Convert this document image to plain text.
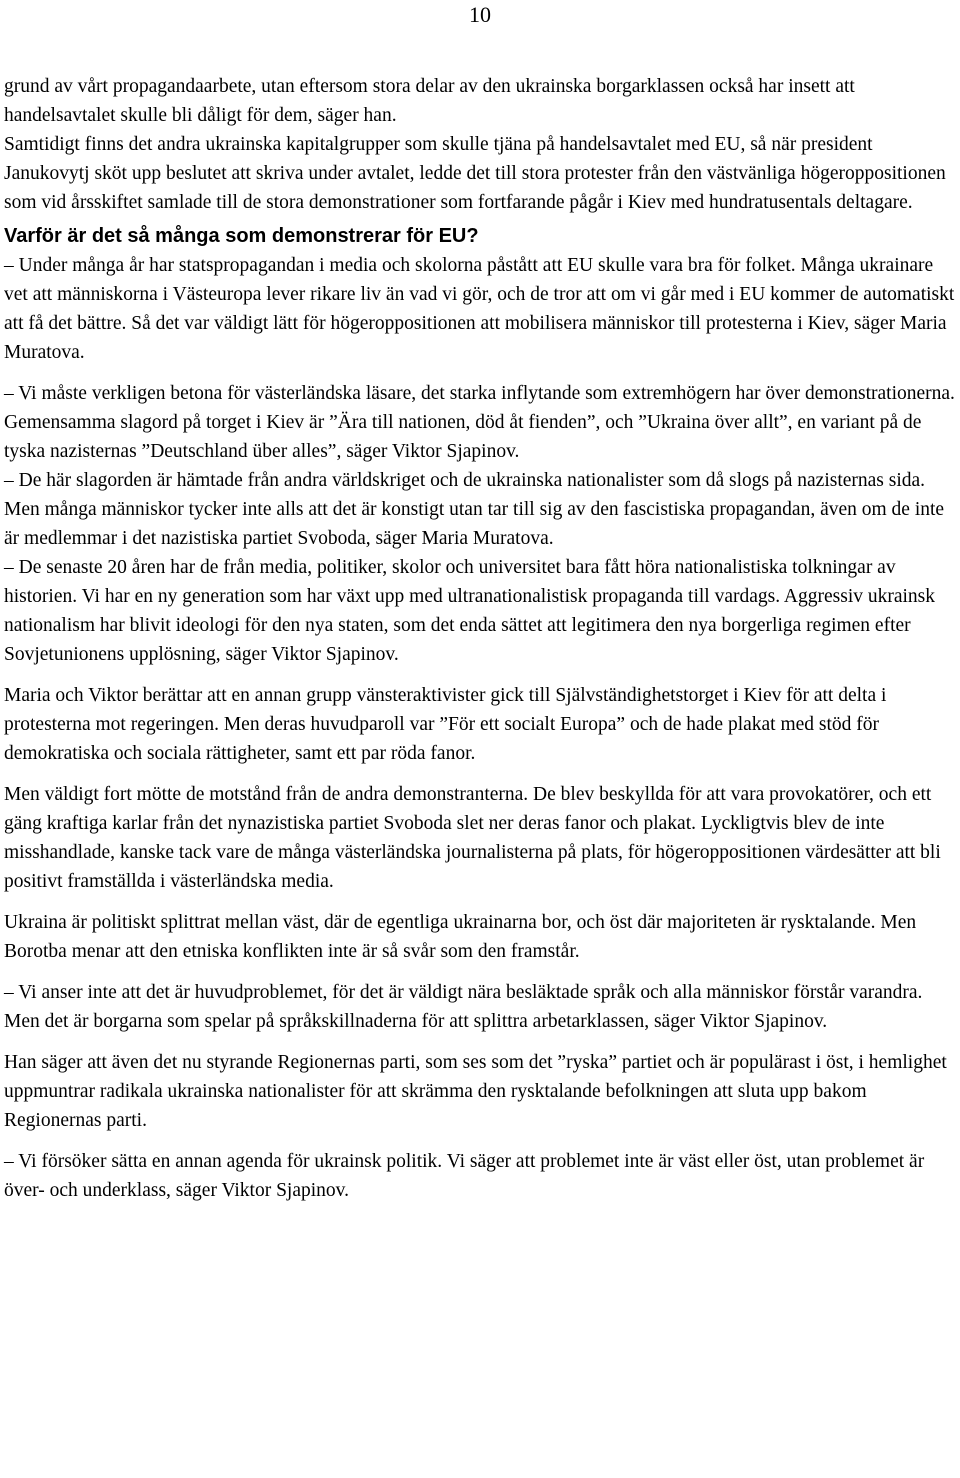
10

grund av vårt propagandaarbete, utan eftersom stora delar av den ukrainska borgarklassen också har insett att handelsavtalet skulle bli dåligt för dem, säger han.

Samtidigt finns det andra ukrainska kapitalgrupper som skulle tjäna på handelsavtalet med EU, så när president Janukovytj sköt upp beslutet att skriva under avtalet, ledde det till stora protester från den västvänliga högeroppositionen som vid årsskiftet samlade till de stora demonstrationer som fortfarande pågår i Kiev med hundratusentals deltagare.

Varför är det så många som demonstrerar för EU?

– Under många år har statspropagandan i media och skolorna påstått att EU skulle vara bra för folket. Många ukrainare vet att människorna i Västeuropa lever rikare liv än vad vi gör, och de tror att om vi går med i EU kommer de automatiskt att få det bättre. Så det var väldigt lätt för högeroppositionen att mobilisera människor till protesterna i Kiev, säger Maria Muratova.

– Vi måste verkligen betona för västerländska läsare, det starka inflytande som extremhögern har över demonstrationerna. Gemensamma slagord på torget i Kiev är ”Ära till nationen, död åt fienden”, och ”Ukraina över allt”, en variant på de tyska nazisternas ”Deutschland über alles”, säger Viktor Sjapinov.

– De här slagorden är hämtade från andra världskriget och de ukrainska nationalister som då slogs på nazisternas sida. Men många människor tycker inte alls att det är konstigt utan tar till sig av den fascistiska propagandan, även om de inte är medlemmar i det nazistiska partiet Svoboda, säger Maria Muratova.

– De senaste 20 åren har de från media, politiker, skolor och universitet bara fått höra nationalistiska tolkningar av historien. Vi har en ny generation som har växt upp med ultranationalistisk propaganda till vardags. Aggressiv ukrainsk nationalism har blivit ideologi för den nya staten, som det enda sättet att legitimera den nya borgerliga regimen efter Sovjetunionens upplösning, säger Viktor Sjapinov.

Maria och Viktor berättar att en annan grupp vänsteraktivister gick till Självständighetstorget i Kiev för att delta i protesterna mot regeringen. Men deras huvudparoll var ”För ett socialt Europa” och de hade plakat med stöd för demokratiska och sociala rättigheter, samt ett par röda fanor.

Men väldigt fort mötte de motstånd från de andra demonstranterna. De blev beskyllda för att vara provokatörer, och ett gäng kraftiga karlar från det nynazistiska partiet Svoboda slet ner deras fanor och plakat. Lyckligtvis blev de inte misshandlade, kanske tack vare de många västerländska journalisterna på plats, för högeroppositionen värdesätter att bli positivt framställda i västerländska media.

Ukraina är politiskt splittrat mellan väst, där de egentliga ukrainarna bor, och öst där majoriteten är rysktalande. Men Borotba menar att den etniska konflikten inte är så svår som den framstår.

– Vi anser inte att det är huvudproblemet, för det är väldigt nära besläktade språk och alla människor förstår varandra. Men det är borgarna som spelar på språkskillnaderna för att splittra arbetarklassen, säger Viktor Sjapinov.

Han säger att även det nu styrande Regionernas parti, som ses som det ”ryska” partiet och är populärast i öst, i hemlighet uppmuntrar radikala ukrainska nationalister för att skrämma den rysktalande befolkningen att sluta upp bakom Regionernas parti.

– Vi försöker sätta en annan agenda för ukrainsk politik. Vi säger att problemet inte är väst eller öst, utan problemet är över- och underklass, säger Viktor Sjapinov.
